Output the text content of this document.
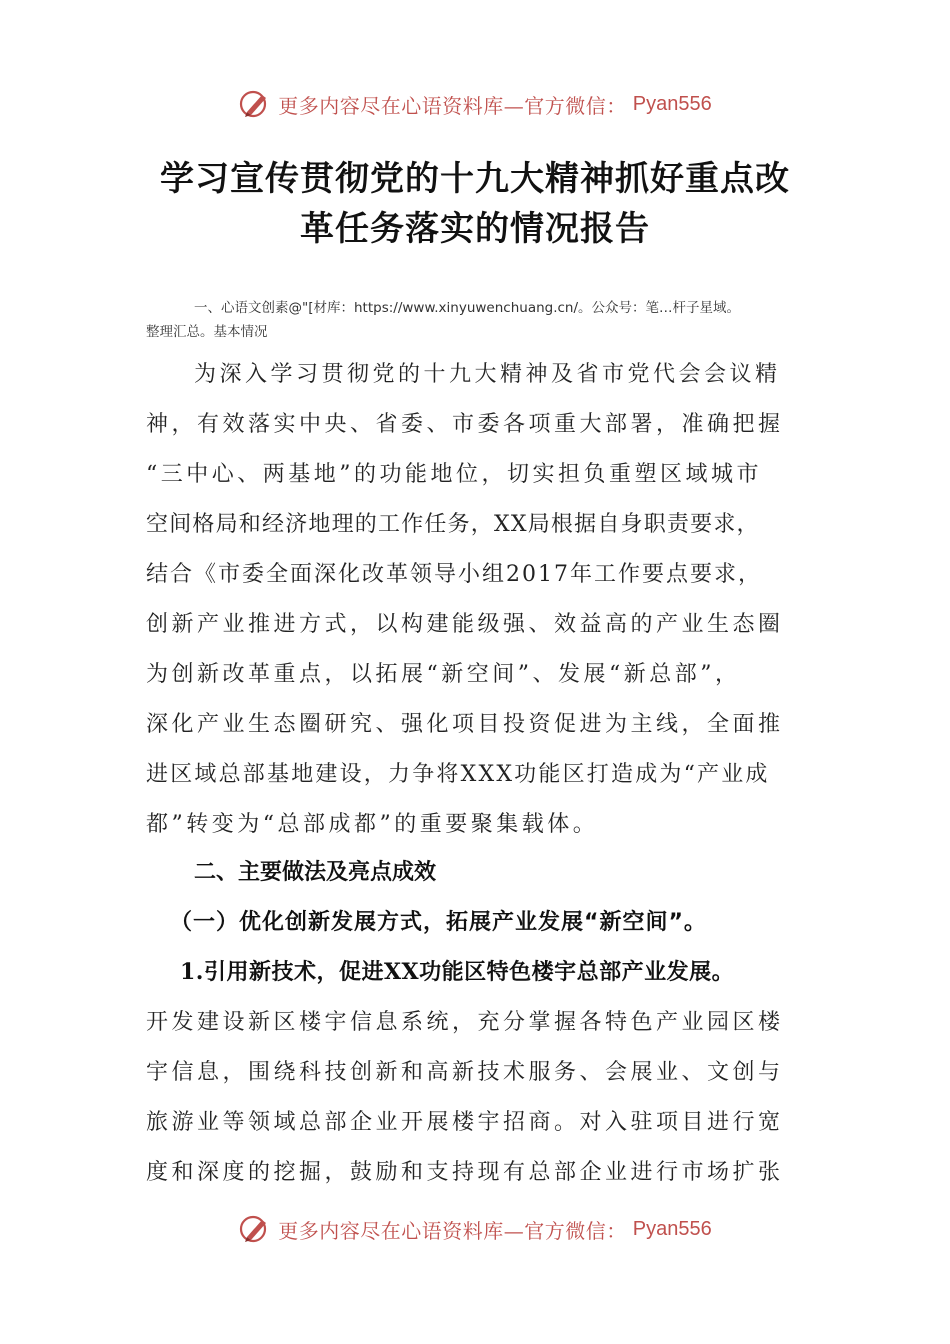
更多内容尽在心语资料库—官方微信： Pyan556
学习宣传贯彻党的十九大精神抓好重点改
革任务落实的情况报告
一、心语文创素@"[材库：https://www.xinyuwenchuang.cn/。公众号：笔…杆子星域。
整理汇总。基本情况
为深入学习贯彻党的十九大精神及省市党代会会议精
神，有效落实中央、省委、市委各项重大部署，准确把握
“三中心、两基地”的功能地位，切实担负重塑区域城市
空间格局和经济地理的工作任务，XX局根据自身职责要求，
结合《市委全面深化改革领导小组2017年工作要点要求，
创新产业推进方式，以构建能级强、效益高的产业生态圈
为创新改革重点，以拓展“新空间”、发展“新总部”，
深化产业生态圈研究、强化项目投资促进为主线，全面推
进区域总部基地建设，力争将XXX功能区打造成为“产业成
都”转变为“总部成都”的重要聚集载体。
二、主要做法及亮点成效
（一）优化创新发展方式，拓展产业发展“新空间”。
1.引用新技术，促进XX功能区特色楼宇总部产业发展。
开发建设新区楼宇信息系统，充分掌握各特色产业园区楼
宇信息，围绕科技创新和高新技术服务、会展业、文创与
旅游业等领域总部企业开展楼宇招商。对入驻项目进行宽
度和深度的挖掘，鼓励和支持现有总部企业进行市场扩张
更多内容尽在心语资料库—官方微信： Pyan556
